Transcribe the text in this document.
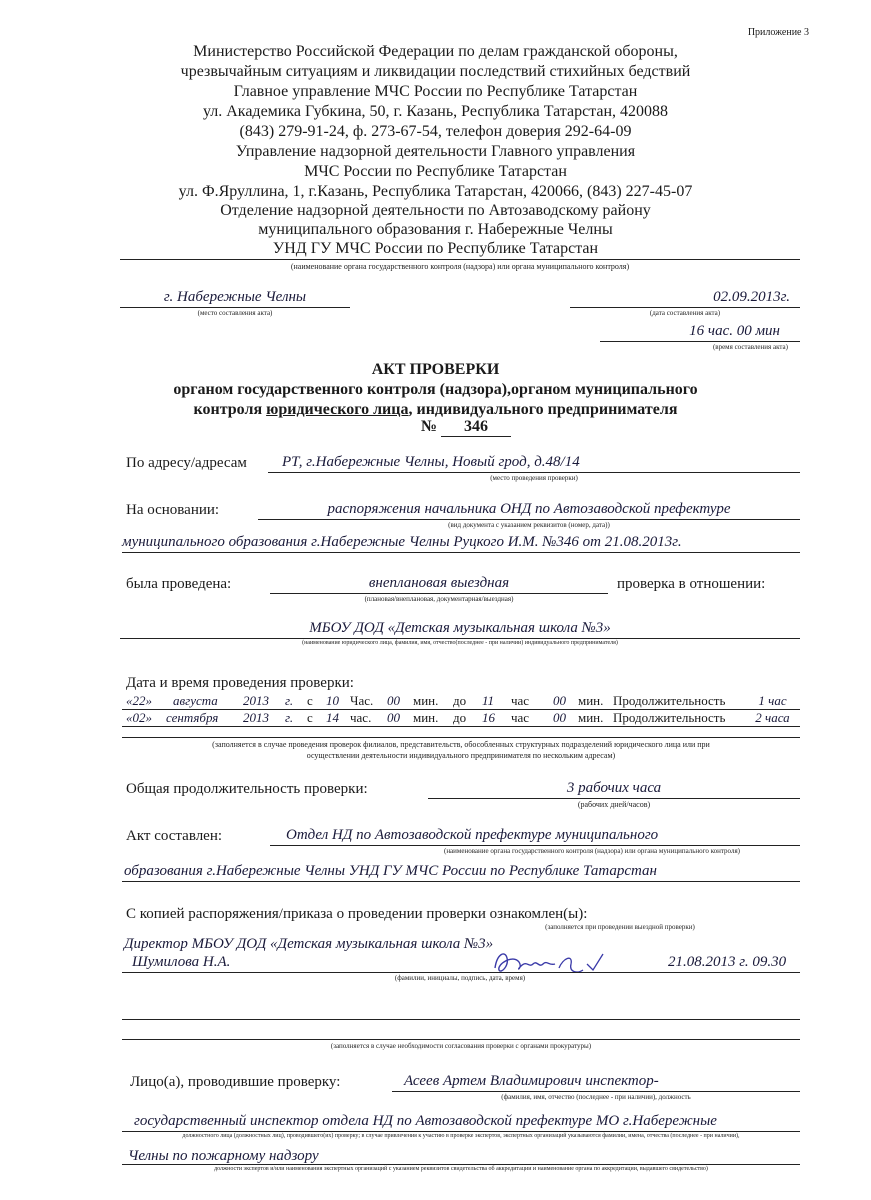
Приложение 3
Министерство Российской Федерации по делам гражданской обороны,
чрезвычайным ситуациям и ликвидации последствий стихийных бедствий
Главное управление МЧС России по Республике Татарстан
ул. Академика Губкина, 50, г. Казань, Республика Татарстан, 420088
(843) 279-91-24, ф. 273-67-54, телефон доверия 292-64-09
Управление надзорной деятельности Главного управления
МЧС России по Республике Татарстан
ул. Ф.Яруллина, 1, г.Казань, Республика Татарстан, 420066, (843) 227-45-07
Отделение надзорной деятельности по Автозаводскому району
муниципального образования г. Набережные Челны
УНД ГУ МЧС России по Республике Татарстан
(наименование органа государственного контроля (надзора) или органа муниципального контроля)
г. Набережные Челны
(место составления акта)
02.09.2013г.
(дата составления акта)
16 час. 00 мин
(время составления акта)
АКТ ПРОВЕРКИ
органом государственного контроля (надзора),органом муниципального
контроля юридического лица, индивидуального предпринимателя
№	346
По адресу/адресам РТ, г.Набережные Челны, Новый грод, д.48/14
(место проведения проверки)
На основании:	распоряжения начальника ОНД по Автозаводской префектуре
(вид документа с указанием реквизитов (номер, дата))
муниципального образования г.Набережные Челны Руцкого И.М. №346 от 21.08.2013г.
была проведена:	внеплановая выездная
(плановая/внеплановая, документарная/выездная)
проверка в отношении:
МБОУ ДОД «Детская музыкальная школа №3»
(наименование юридического лица, фамилия, имя, отчество(последнее - при наличии) индивидуального предпринимателя)
Дата и время проведения проверки:
«22» августа 2013 г. с 10 Час. 00 мин. до 11 час 00 мин. Продолжительность	1 час
«02» сентября 2013 г. с 14 час. 00 мин. до 16 час 00 мин. Продолжительность	2 часа
(заполняется в случае проведения проверок филиалов, представительств, обособленных структурных подразделений юридического лица или при
осуществлении деятельности индивидуального предпринимателя по нескольким адресам)
Общая продолжительность проверки:	3 рабочих часа
(рабочих дней/часов)
Акт составлен:	Отдел НД по Автозаводской префектуре муниципального
(наименование органа государственного контроля (надзора) или органа муниципального контроля)
образования г.Набережные Челны УНД ГУ МЧС России по Республике Татарстан
С копией распоряжения/приказа о проведении проверки ознакомлен(ы):
(заполняется при проведении выездной проверки)
Директор МБОУ ДОД «Детская музыкальная школа №3»
Шумилова Н.А.	21.08.2013 г. 09.30
(фамилии, инициалы, подпись, дата, время)
(заполняется в случае необходимости согласования проверки с органами прокуратуры)
Лицо(а), проводившие проверку:	Асеев Артем Владимирович инспектор-
(фамилия, имя, отчество (последнее - при наличии), должность
государственный инспектор отдела НД по Автозаводской префектуре МО г.Набережные
должностного лица (должностных лиц), проводившего(их) проверку; в случае привлечения к участию в проверке экспертов, экспертных организаций указываются фамилии, имена, отчества (последнее - при наличии),
Челны по пожарному надзору
должности экспертов и/или наименования экспертных организаций с указанием реквизитов свидетельства об аккредитации и наименование органа по аккредитации, выдавшего свидетельство)
